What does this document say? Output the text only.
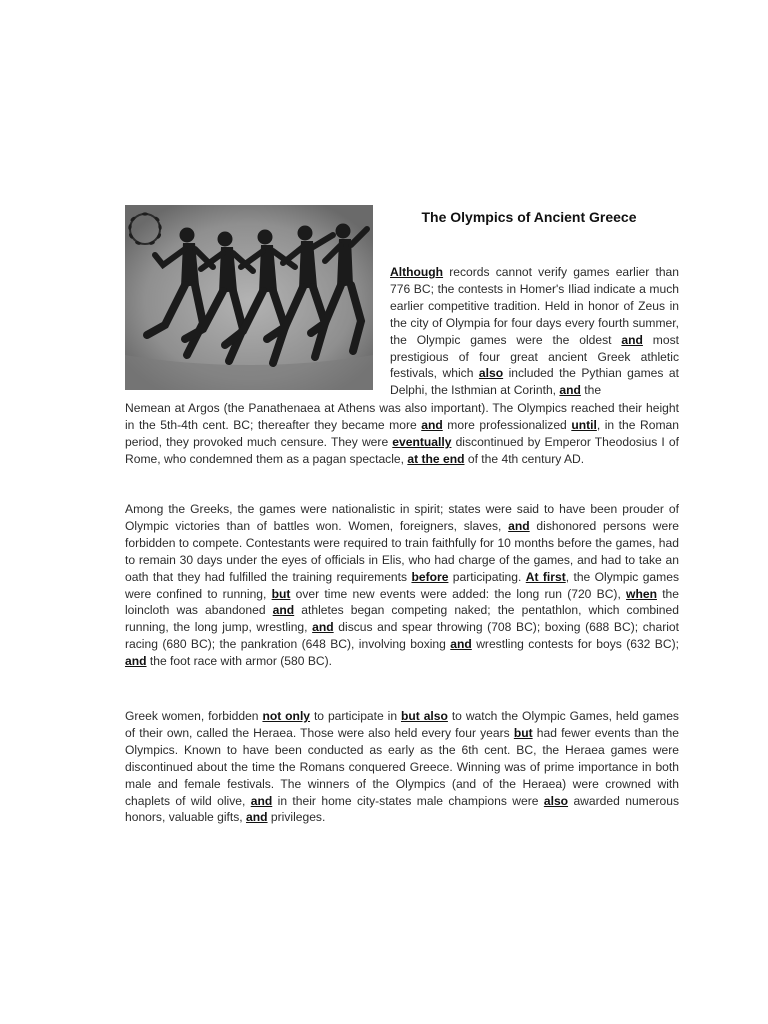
The Olympics of Ancient Greece
Although records cannot verify games earlier than 776 BC; the contests in Homer's Iliad indicate a much earlier competitive tradition. Held in honor of Zeus in the city of Olympia for four days every fourth summer, the Olympic games were the oldest and most prestigious of four great ancient Greek athletic festivals, which also included the Pythian games at Delphi, the Isthmian at Corinth, and the
Nemean at Argos (the Panathenaea at Athens was also important). The Olympics reached their height in the 5th-4th cent. BC; thereafter they became more and more professionalized until, in the Roman period, they provoked much censure. They were eventually discontinued by Emperor Theodosius I of Rome, who condemned them as a pagan spectacle, at the end of the 4th century AD.
Among the Greeks, the games were nationalistic in spirit; states were said to have been prouder of Olympic victories than of battles won. Women, foreigners, slaves, and dishonored persons were forbidden to compete. Contestants were required to train faithfully for 10 months before the games, had to remain 30 days under the eyes of officials in Elis, who had charge of the games, and had to take an oath that they had fulfilled the training requirements before participating. At first, the Olympic games were confined to running, but over time new events were added: the long run (720 BC), when the loincloth was abandoned and athletes began competing naked; the pentathlon, which combined running, the long jump, wrestling, and discus and spear throwing (708 BC); boxing (688 BC); chariot racing (680 BC); the pankration (648 BC), involving boxing and wrestling contests for boys (632 BC); and the foot race with armor (580 BC).
Greek women, forbidden not only to participate in but also to watch the Olympic Games, held games of their own, called the Heraea. Those were also held every four years but had fewer events than the Olympics. Known to have been conducted as early as the 6th cent. BC, the Heraea games were discontinued about the time the Romans conquered Greece. Winning was of prime importance in both male and female festivals. The winners of the Olympics (and of the Heraea) were crowned with chaplets of wild olive, and in their home city-states male champions were also awarded numerous honors, valuable gifts, and privileges.
